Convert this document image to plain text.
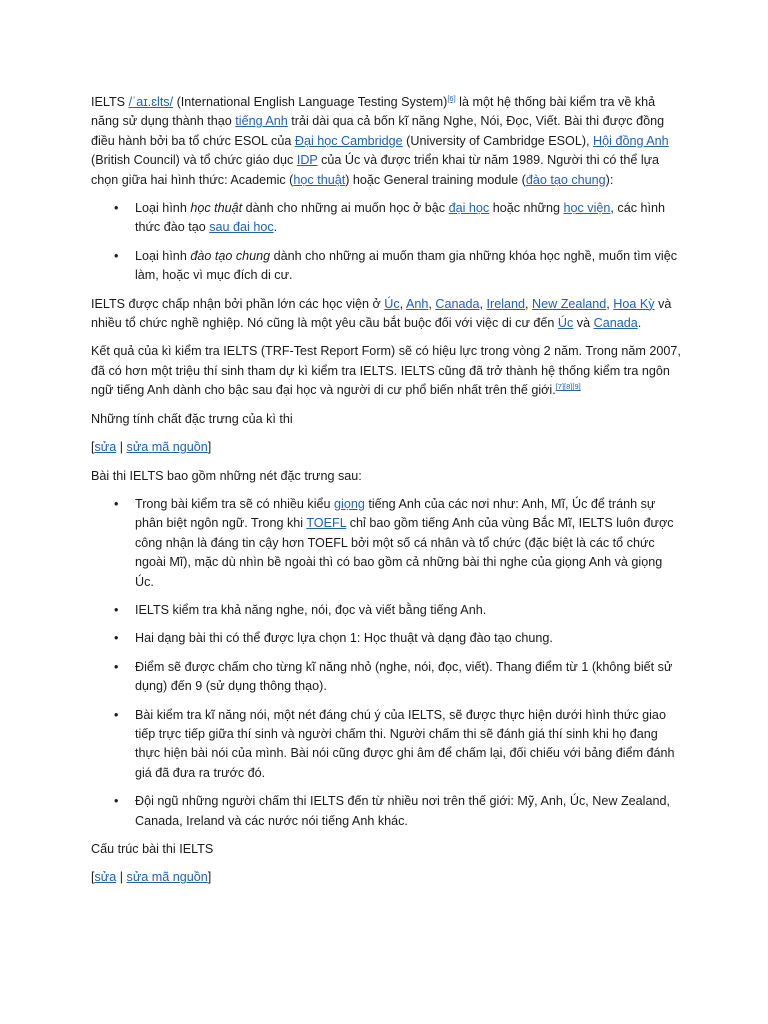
IELTS /ˈaɪ.ɛlts/ (International English Language Testing System)[6] là một hệ thống bài kiểm tra về khả năng sử dụng thành thạo tiếng Anh trải dài qua cả bốn kĩ năng Nghe, Nói, Đọc, Viết. Bài thi được đồng điều hành bởi ba tổ chức ESOL của Đại học Cambridge (University of Cambridge ESOL), Hội đồng Anh (British Council) và tổ chức giáo dục IDP của Úc và được triển khai từ năm 1989. Người thi có thể lựa chọn giữa hai hình thức: Academic (học thuật) hoặc General training module (đào tạo chung):

• Loại hình học thuật dành cho những ai muốn học ở bậc đại học hoặc những học viện, các hình thức đào tạo sau đại học.
• Loại hình đào tạo chung dành cho những ai muốn tham gia những khóa học nghề, muốn tìm việc làm, hoặc vì mục đích di cư.

IELTS được chấp nhận bởi phần lớn các học viện ở Úc, Anh, Canada, Ireland, New Zealand, Hoa Kỳ và nhiều tổ chức nghề nghiệp. Nó cũng là một yêu cầu bắt buộc đối với việc di cư đến Úc và Canada.

Kết quả của kì kiểm tra IELTS (TRF-Test Report Form) sẽ có hiệu lực trong vòng 2 năm. Trong năm 2007, đã có hơn một triệu thí sinh tham dự kì kiểm tra IELTS. IELTS cũng đã trở thành hệ thống kiểm tra ngôn ngữ tiếng Anh dành cho bậc sau đại học và người di cư phổ biến nhất trên thế giới.[7][8][9]

Những tính chất đặc trưng của kì thi

[sửa | sửa mã nguồn]

Bài thi IELTS bao gồm những nét đặc trưng sau:

• Trong bài kiểm tra sẽ có nhiều kiểu giọng tiếng Anh của các nơi như: Anh, Mĩ, Úc để tránh sự phân biệt ngôn ngữ. Trong khi TOEFL chỉ bao gồm tiếng Anh của vùng Bắc Mĩ, IELTS luôn được công nhận là đáng tin cậy hơn TOEFL bởi một số cá nhân và tổ chức (đặc biệt là các tổ chức ngoài Mĩ), mặc dù nhìn bề ngoài thì có bao gồm cả những bài thi nghe của giọng Anh và giọng Úc.
• IELTS kiểm tra khả năng nghe, nói, đọc và viết bằng tiếng Anh.
• Hai dạng bài thi có thể được lựa chọn 1: Học thuật và dạng đào tạo chung.
• Điểm sẽ được chấm cho từng kĩ năng nhỏ (nghe, nói, đọc, viết). Thang điểm từ 1 (không biết sử dụng) đến 9 (sử dụng thông thạo).
• Bài kiểm tra kĩ năng nói, một nét đáng chú ý của IELTS, sẽ được thực hiện dưới hình thức giao tiếp trực tiếp giữa thí sinh và người chấm thi. Người chấm thi sẽ đánh giá thí sinh khi họ đang thực hiện bài nói của mình. Bài nói cũng được ghi âm để chấm lại, đối chiếu với bảng điểm đánh giá đã đưa ra trước đó.
• Đội ngũ những người chấm thi IELTS đến từ nhiều nơi trên thế giới: Mỹ, Anh, Úc, New Zealand, Canada, Ireland và các nước nói tiếng Anh khác.

Cấu trúc bài thi IELTS

[sửa | sửa mã nguồn]
